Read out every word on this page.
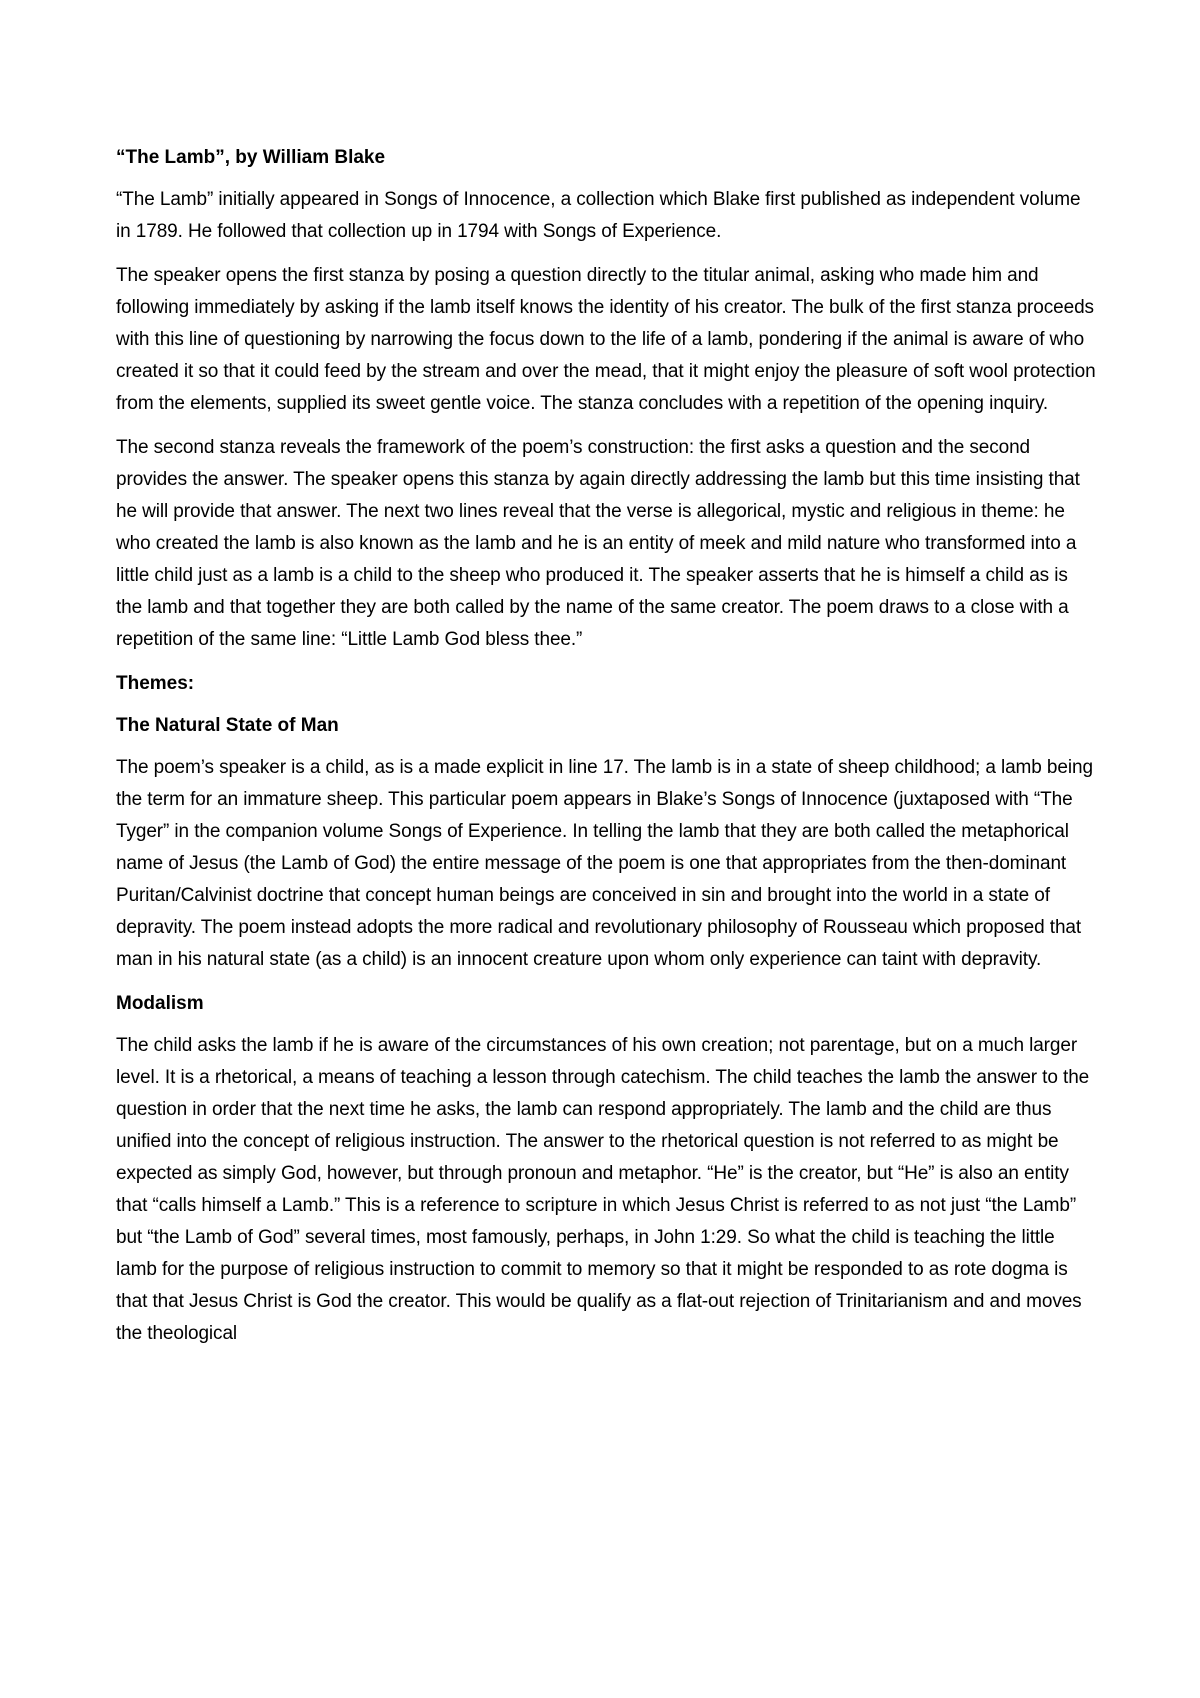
“The Lamb”, by William Blake

“The Lamb” initially appeared in Songs of Innocence, a collection which Blake first published as independent volume in 1789. He followed that collection up in 1794 with Songs of Experience.

The speaker opens the first stanza by posing a question directly to the titular animal, asking who made him and following immediately by asking if the lamb itself knows the identity of his creator. The bulk of the first stanza proceeds with this line of questioning by narrowing the focus down to the life of a lamb, pondering if the animal is aware of who created it so that it could feed by the stream and over the mead, that it might enjoy the pleasure of soft wool protection from the elements, supplied its sweet gentle voice. The stanza concludes with a repetition of the opening inquiry.

The second stanza reveals the framework of the poem’s construction: the first asks a question and the second provides the answer. The speaker opens this stanza by again directly addressing the lamb but this time insisting that he will provide that answer. The next two lines reveal that the verse is allegorical, mystic and religious in theme: he who created the lamb is also known as the lamb and he is an entity of meek and mild nature who transformed into a little child just as a lamb is a child to the sheep who produced it. The speaker asserts that he is himself a child as is the lamb and that together they are both called by the name of the same creator. The poem draws to a close with a repetition of the same line: “Little Lamb God bless thee.”

Themes:

The Natural State of Man

The poem’s speaker is a child, as is a made explicit in line 17. The lamb is in a state of sheep childhood; a lamb being the term for an immature sheep. This particular poem appears in Blake’s Songs of Innocence (juxtaposed with “The Tyger” in the companion volume Songs of Experience. In telling the lamb that they are both called the metaphorical name of Jesus (the Lamb of God) the entire message of the poem is one that appropriates from the then-dominant Puritan/Calvinist doctrine that concept human beings are conceived in sin and brought into the world in a state of depravity. The poem instead adopts the more radical and revolutionary philosophy of Rousseau which proposed that man in his natural state (as a child) is an innocent creature upon whom only experience can taint with depravity.

Modalism

The child asks the lamb if he is aware of the circumstances of his own creation; not parentage, but on a much larger level. It is a rhetorical, a means of teaching a lesson through catechism. The child teaches the lamb the answer to the question in order that the next time he asks, the lamb can respond appropriately. The lamb and the child are thus unified into the concept of religious instruction. The answer to the rhetorical question is not referred to as might be expected as simply God, however, but through pronoun and metaphor. “He” is the creator, but “He” is also an entity that “calls himself a Lamb.” This is a reference to scripture in which Jesus Christ is referred to as not just “the Lamb” but “the Lamb of God” several times, most famously, perhaps, in John 1:29. So what the child is teaching the little lamb for the purpose of religious instruction to commit to memory so that it might be responded to as rote dogma is that that Jesus Christ is God the creator. This would be qualify as a flat-out rejection of Trinitarianism and and moves the theological
